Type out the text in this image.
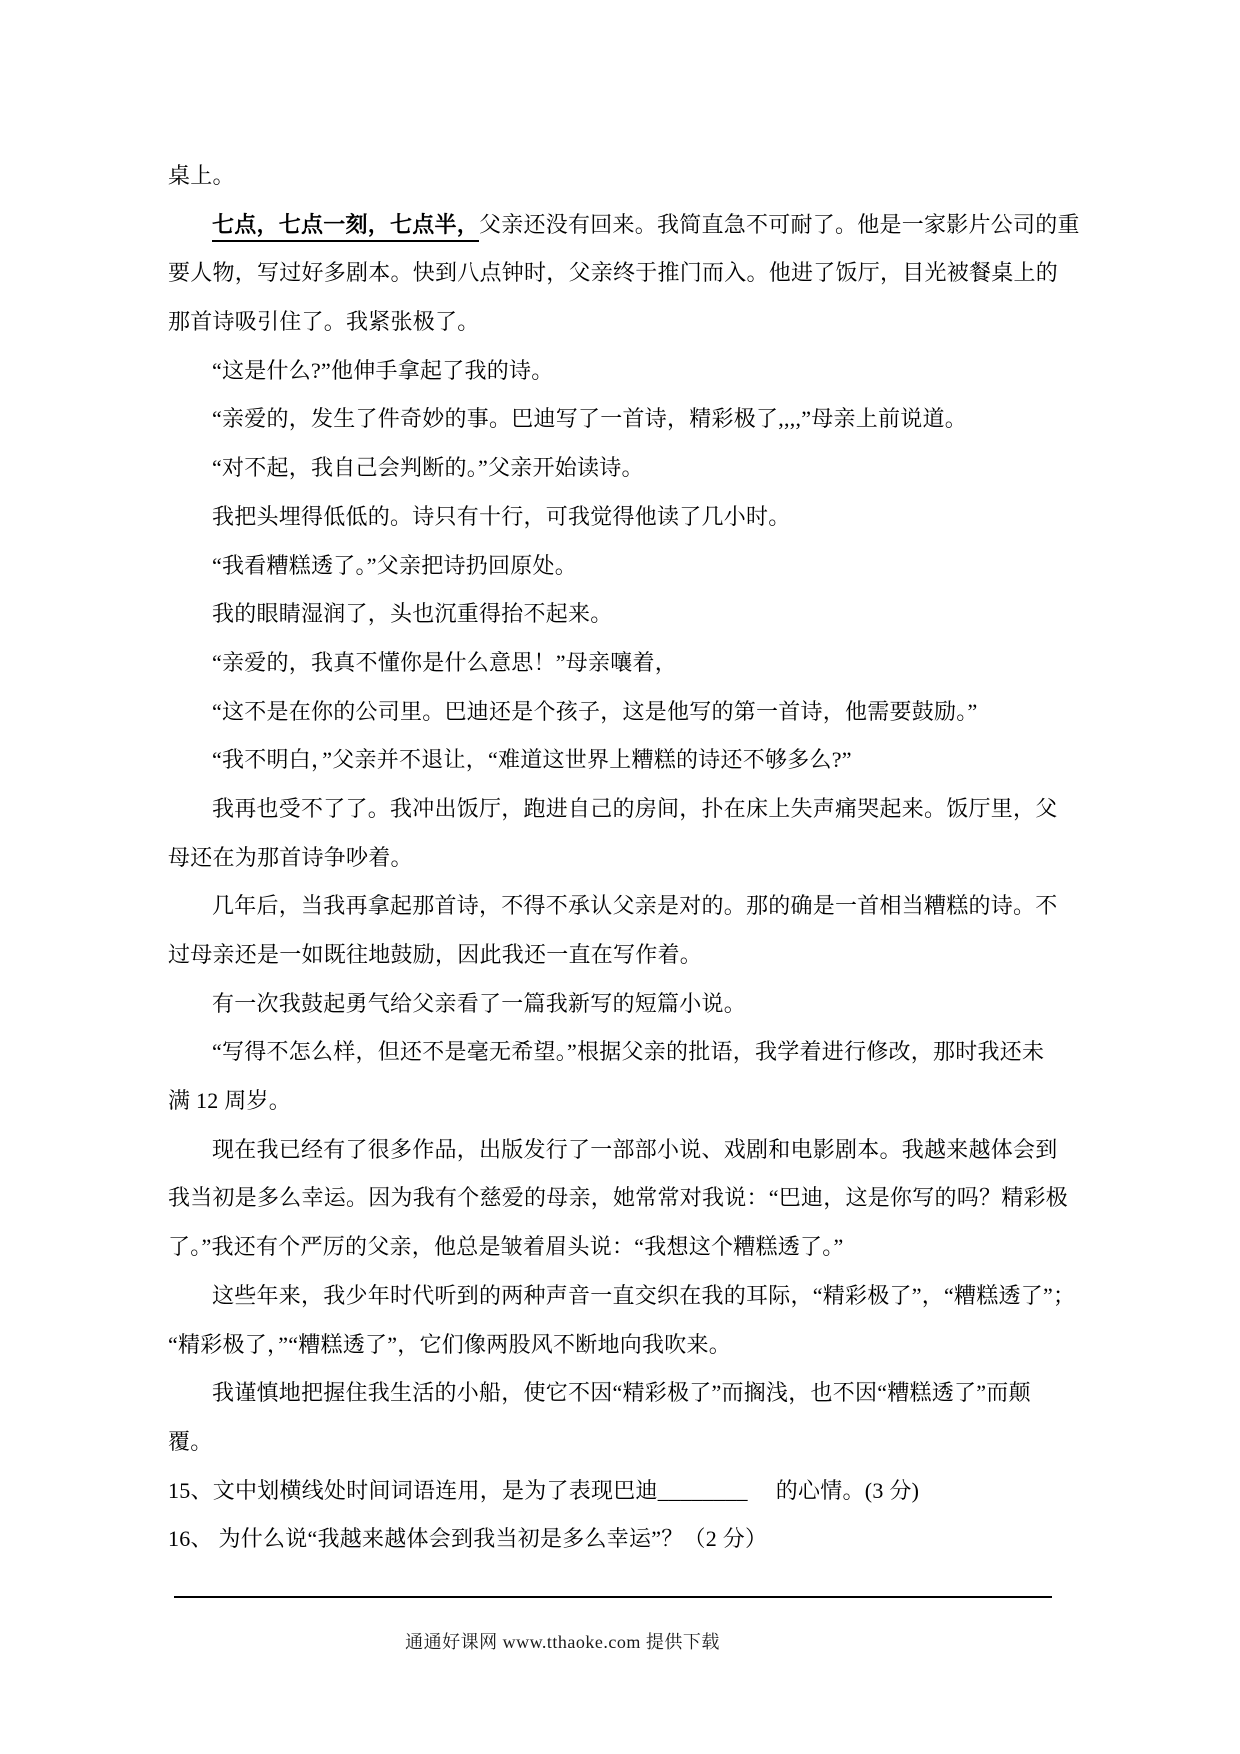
桌上。
七点，七点一刻，七点半，父亲还没有回来。我简直急不可耐了。他是一家影片公司的重
要人物，写过好多剧本。快到八点钟时，父亲终于推门而入。他进了饭厅，目光被餐桌上的
那首诗吸引住了。我紧张极了。
“这是什么?”他伸手拿起了我的诗。
“亲爱的，发生了件奇妙的事。巴迪写了一首诗，精彩极了,,,,”母亲上前说道。
“对不起，我自己会判断的。”父亲开始读诗。
我把头埋得低低的。诗只有十行，可我觉得他读了几小时。
“我看糟糕透了。”父亲把诗扔回原处。
我的眼睛湿润了，头也沉重得抬不起来。
“亲爱的，我真不懂你是什么意思！”母亲嚷着，
“这不是在你的公司里。巴迪还是个孩子，这是他写的第一首诗，他需要鼓励。”
“我不明白，”父亲并不退让，“难道这世界上糟糕的诗还不够多么?”
我再也受不了了。我冲出饭厅，跑进自己的房间，扑在床上失声痛哭起来。饭厅里，父
母还在为那首诗争吵着。
几年后，当我再拿起那首诗，不得不承认父亲是对的。那的确是一首相当糟糕的诗。不
过母亲还是一如既往地鼓励，因此我还一直在写作着。
有一次我鼓起勇气给父亲看了一篇我新写的短篇小说。
“写得不怎么样，但还不是毫无希望。”根据父亲的批语，我学着进行修改，那时我还未
满 12 周岁。
现在我已经有了很多作品，出版发行了一部部小说、戏剧和电影剧本。我越来越体会到
我当初是多么幸运。因为我有个慈爱的母亲，她常常对我说：“巴迪，这是你写的吗？精彩极
了。”我还有个严厉的父亲，他总是皱着眉头说：“我想这个糟糕透了。”
这些年来，我少年时代听到的两种声音一直交织在我的耳际，“精彩极了”，“糟糕透了”；
“精彩极了，”“糟糕透了”，它们像两股风不断地向我吹来。
我谨慎地把握住我生活的小船，使它不因“精彩极了”而搁浅，也不因“糟糕透了”而颠
覆。
15、文中划横线处时间词语连用，是为了表现巴迪________　 的心情。(3 分)
16、 为什么说“我越来越体会到我当初是多么幸运”？（2 分）
通通好课网 www.tthaoke.com 提供下载
